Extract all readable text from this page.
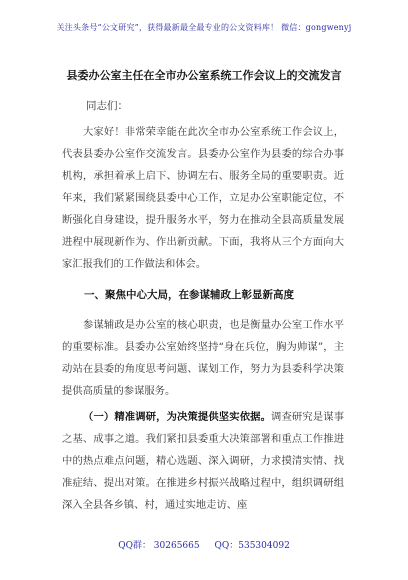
关注头条号“公文研究”，获得最新最全最专业的公文资料库！ 微信：gongwenyj
县委办公室主任在全市办公室系统工作会议上的交流发言
同志们：

大家好！非常荣幸能在此次全市办公室系统工作会议上，代表县委办公室作交流发言。县委办公室作为县委的综合办事机构，承担着承上启下、协调左右、服务全局的重要职责。近年来，我们紧紧围绕县委中心工作，立足办公室职能定位，不断强化自身建设，提升服务水平，努力在推动全县高质量发展进程中展现新作为、作出新贡献。下面，我将从三个方面向大家汇报我们的工作做法和体会。

一、聚焦中心大局，在参谋辅政上彰显新高度

参谋辅政是办公室的核心职责，也是衡量办公室工作水平的重要标准。县委办公室始终坚持“身在兵位，胸为帅谋”，主动站在县委的角度思考问题、谋划工作，努力为县委科学决策提供高质量的参谋服务。

（一）精准调研，为决策提供坚实依据。调查研究是谋事之基、成事之道。我们紧扣县委重大决策部署和重点工作推进中的热点难点问题，精心选题、深入调研，力求摸清实情、找准症结、提出对策。在推进乡村振兴战略过程中，组织调研组深入全县各乡镇、村，通过实地走访、座

QQ群： 30265665 QQ：535304092
